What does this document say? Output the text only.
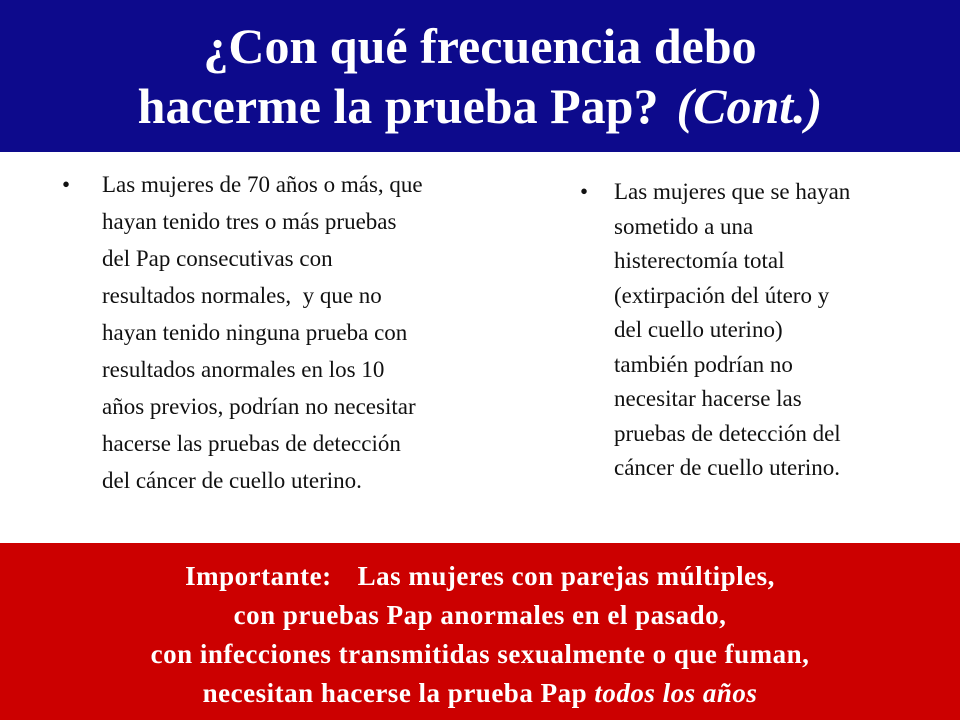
¿Con qué frecuencia debo
hacerme la prueba Pap? (Cont.)
•	Las mujeres de 70 años o más, que
hayan tenido tres o más pruebas
del Pap consecutivas con
resultados normales,  y que no
hayan tenido ninguna prueba con
resultados anormales en los 10
años previos, podrían no necesitar
hacerse las pruebas de detección
del cáncer de cuello uterino.
•	Las mujeres que se hayan
sometido a una
histerectomía total
(extirpación del útero y
del cuello uterino)
también podrían no
necesitar hacerse las
pruebas de detección del
cáncer de cuello uterino.
Importante: Las mujeres con parejas múltiples,
con pruebas Pap anormales en el pasado,
con infecciones transmitidas sexualmente o que fuman,
necesitan hacerse la prueba Pap todos los años
